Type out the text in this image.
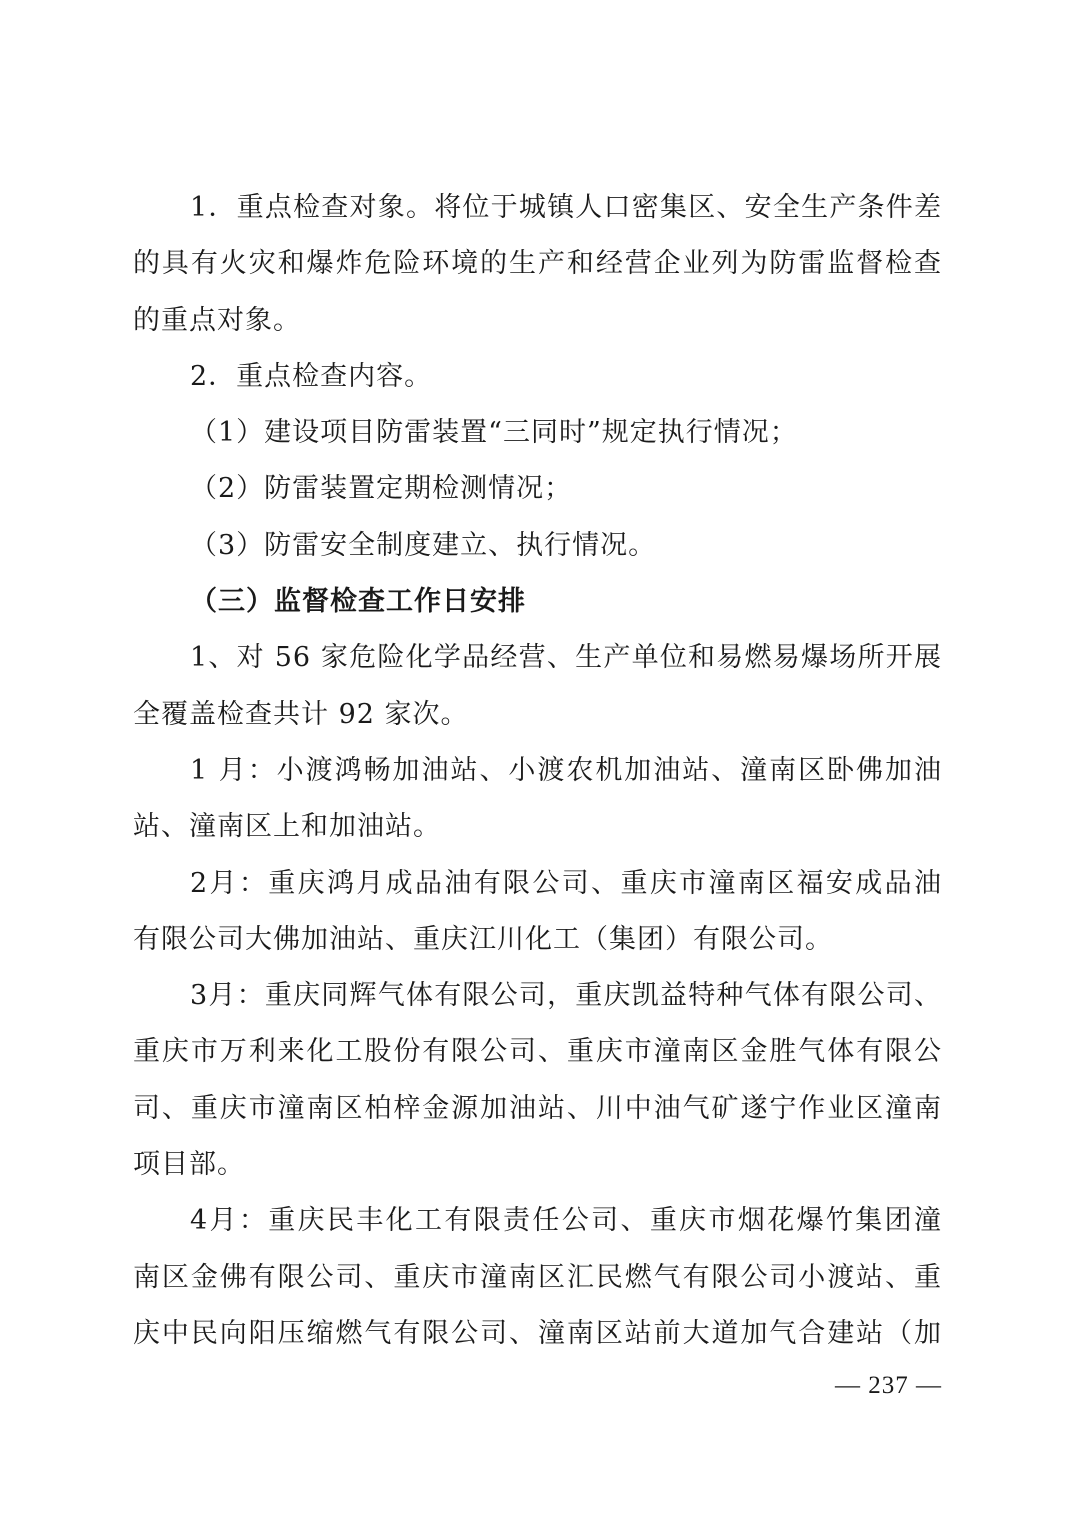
1．重点检查对象。将位于城镇人口密集区、安全生产条件差
的具有火灾和爆炸危险环境的生产和经营企业列为防雷监督检查
的重点对象。
2．重点检查内容。
（1）建设项目防雷装置“三同时”规定执行情况；
（2）防雷装置定期检测情况；
（3）防雷安全制度建立、执行情况。
（三）监督检查工作日安排
1、对 56 家危险化学品经营、生产单位和易燃易爆场所开展
全覆盖检查共计 92 家次。
1 月：小渡鸿畅加油站、小渡农机加油站、潼南区卧佛加油
站、潼南区上和加油站。
2月：重庆鸿月成品油有限公司、重庆市潼南区福安成品油
有限公司大佛加油站、重庆江川化工（集团）有限公司。
3月：重庆同辉气体有限公司，重庆凯益特种气体有限公司、
重庆市万利来化工股份有限公司、重庆市潼南区金胜气体有限公
司、重庆市潼南区柏梓金源加油站、川中油气矿遂宁作业区潼南
项目部。
4月：重庆民丰化工有限责任公司、重庆市烟花爆竹集团潼
南区金佛有限公司、重庆市潼南区汇民燃气有限公司小渡站、重
庆中民向阳压缩燃气有限公司、潼南区站前大道加气合建站（加
— 237 —
